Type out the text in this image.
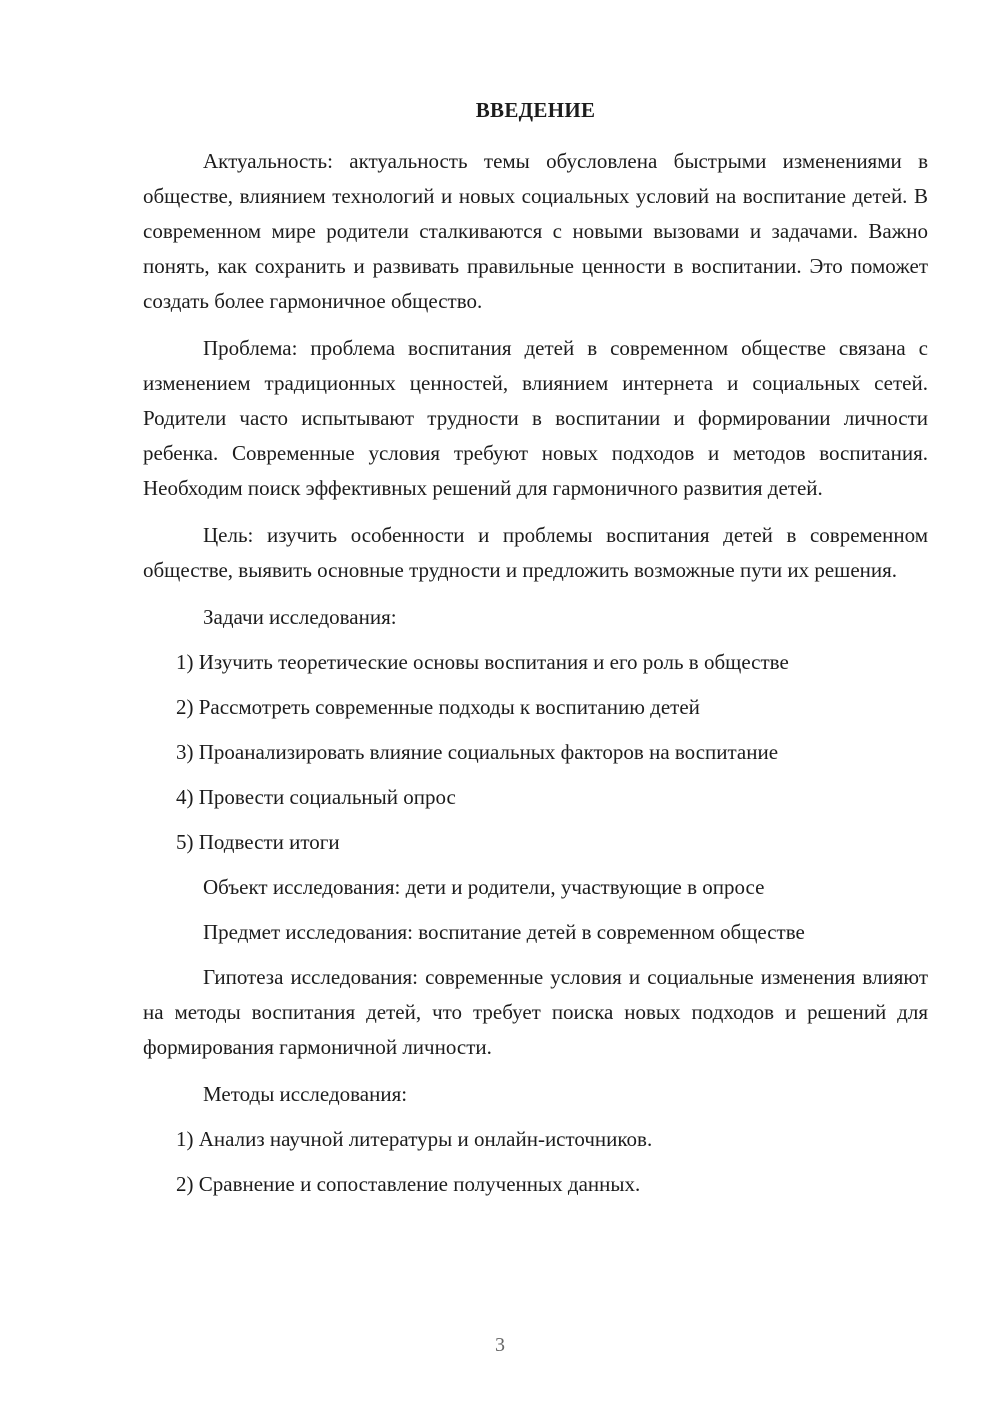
ВВЕДЕНИЕ

Актуальность: актуальность темы обусловлена быстрыми изменениями в обществе, влиянием технологий и новых социальных условий на воспитание детей. В современном мире родители сталкиваются с новыми вызовами и задачами. Важно понять, как сохранить и развивать правильные ценности в воспитании. Это поможет создать более гармоничное общество.

Проблема: проблема воспитания детей в современном обществе связана с изменением традиционных ценностей, влиянием интернета и социальных сетей. Родители часто испытывают трудности в воспитании и формировании личности ребенка. Современные условия требуют новых подходов и методов воспитания. Необходим поиск эффективных решений для гармоничного развития детей.

Цель: изучить особенности и проблемы воспитания детей в современном обществе, выявить основные трудности и предложить возможные пути их решения.

Задачи исследования:

1) Изучить теоретические основы воспитания и его роль в обществе
2) Рассмотреть современные подходы к воспитанию детей
3) Проанализировать влияние социальных факторов на воспитание
4) Провести социальный опрос
5) Подвести итоги
Объект исследования: дети и родители, участвующие в опросе
Предмет исследования: воспитание детей в современном обществе

Гипотеза исследования: современные условия и социальные изменения влияют на методы воспитания детей, что требует поиска новых подходов и решений для формирования гармоничной личности.

Методы исследования:

1) Анализ научной литературы и онлайн-источников.
2) Сравнение и сопоставление полученных данных.
3
